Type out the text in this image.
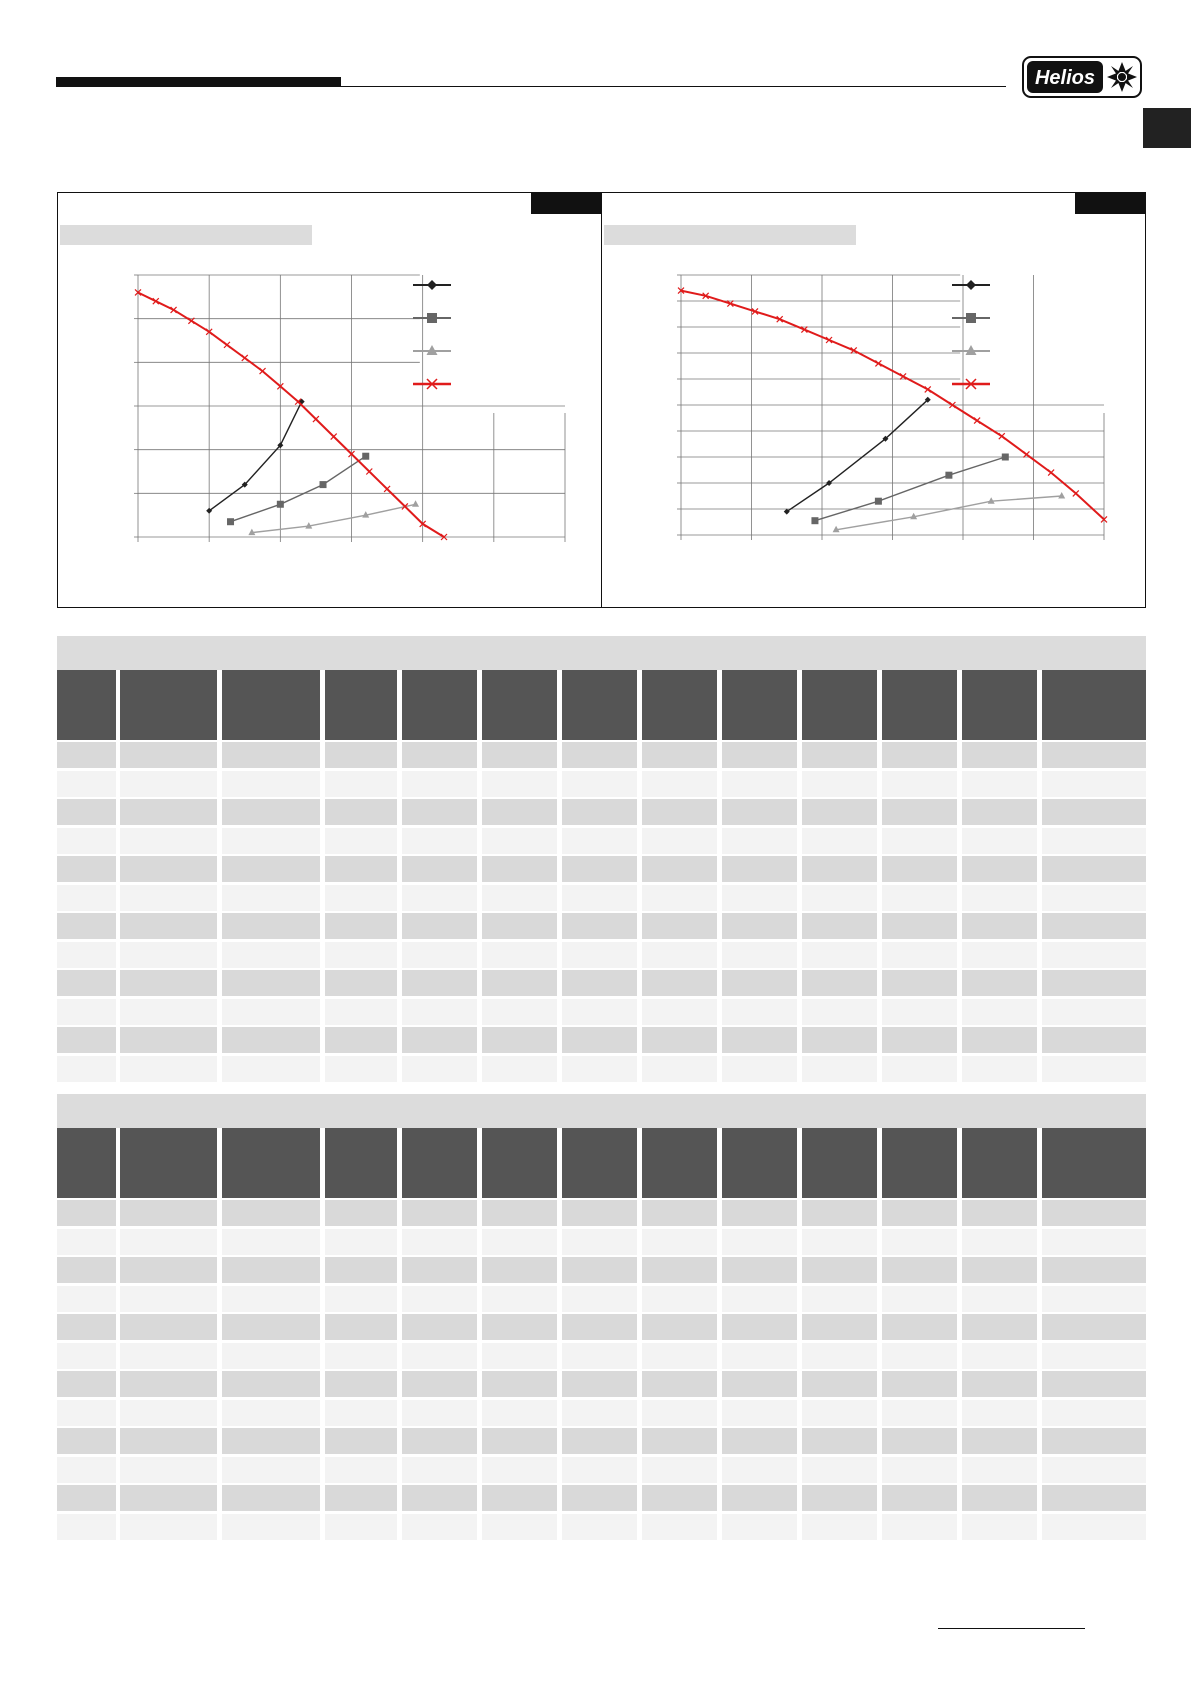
Helios
